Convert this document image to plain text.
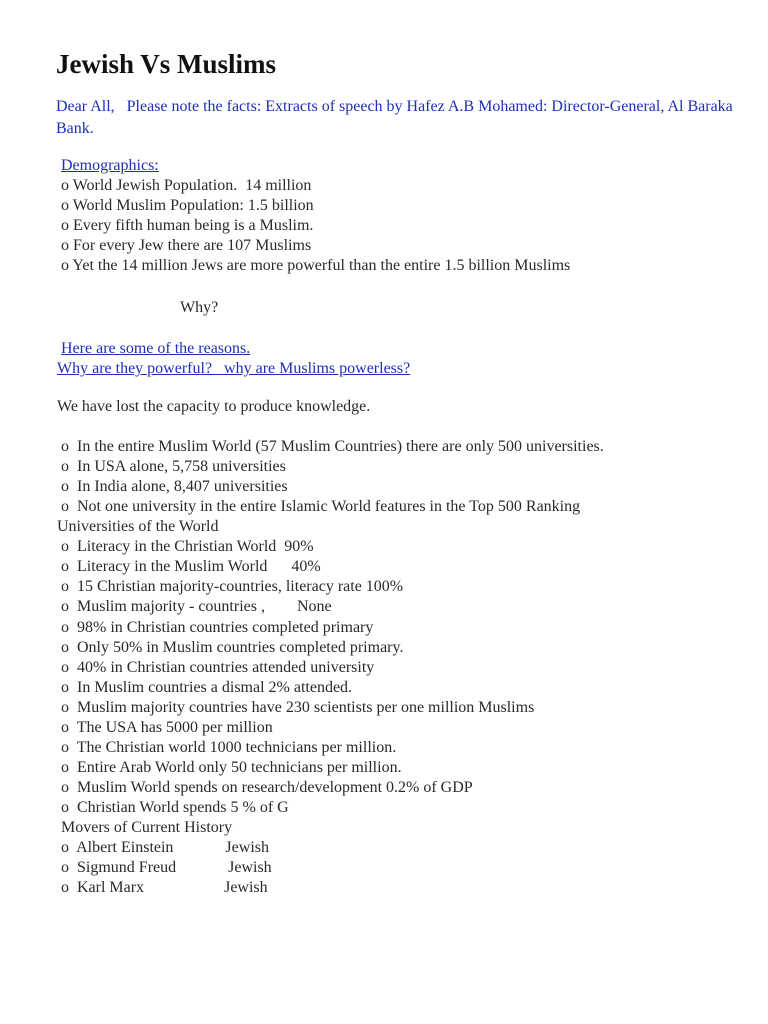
Jewish Vs Muslims
Dear All, Please note the facts: Extracts of speech by Hafez A.B Mohamed: Director-General, Al Baraka Bank.
Demographics:
o World Jewish Population.  14 million
o World Muslim Population: 1.5 billion
o Every fifth human being is a Muslim.
o For every Jew there are 107 Muslims
o Yet the 14 million Jews are more powerful than the entire 1.5 billion Muslims
Why?
Here are some of the reasons.
Why are they powerful?   why are Muslims powerless?
We have lost the capacity to produce knowledge.
o  In the entire Muslim World (57 Muslim Countries) there are only 500 universities.
o  In USA alone, 5,758 universities
o  In India alone, 8,407 universities
o  Not one university in the entire Islamic World features in the Top 500 Ranking
Universities of the World
o  Literacy in the Christian World  90%
o  Literacy in the Muslim World      40%
o  15 Christian majority-countries, literacy rate 100%
o  Muslim majority - countries ,        None
o  98% in Christian countries completed primary
o  Only 50% in Muslim countries completed primary.
o  40% in Christian countries attended university
o  In Muslim countries a dismal 2% attended.
o  Muslim majority countries have 230 scientists per one million Muslims
o  The USA has 5000 per million
o  The Christian world 1000 technicians per million.
o  Entire Arab World only 50 technicians per million.
o  Muslim World spends on research/development 0.2% of GDP
o  Christian World spends 5 % of G
Movers of Current History
o  Albert Einstein             Jewish
o  Sigmund Freud             Jewish
o  Karl Marx                    Jewish
